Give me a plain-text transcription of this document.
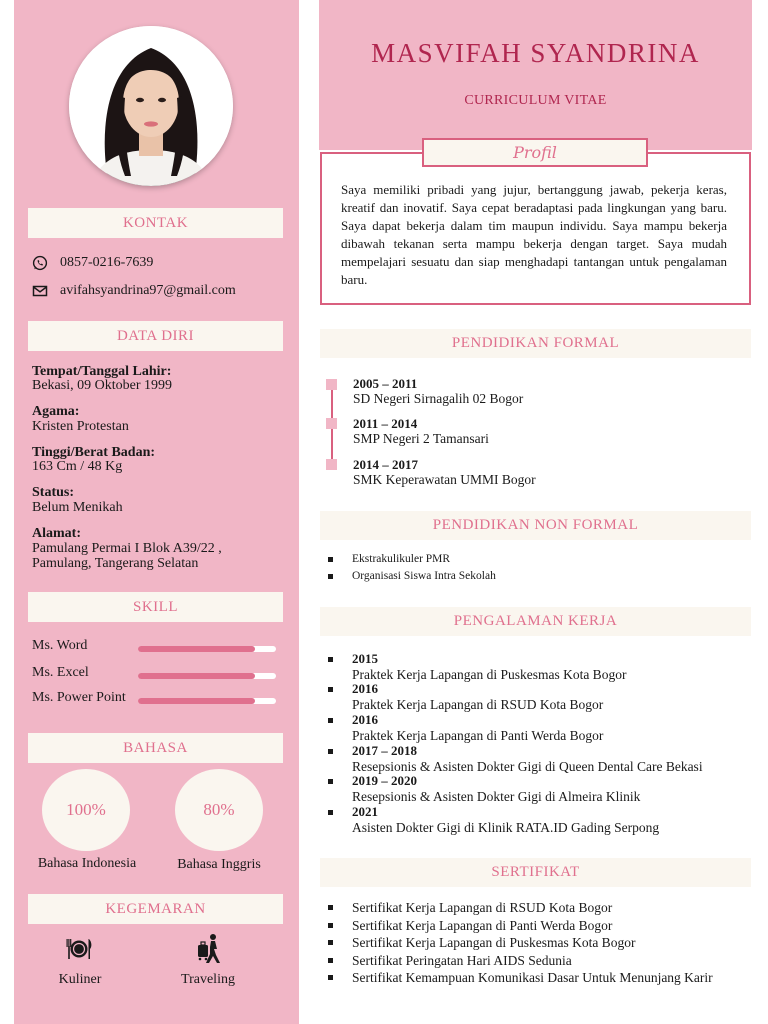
KONTAK
0857-0216-7639
avifahsyandrina97@gmail.com
DATA DIRI
Tempat/Tanggal Lahir:
Bekasi, 09 Oktober 1999
Agama:
Kristen Protestan
Tinggi/Berat Badan:
163 Cm / 48 Kg
Status:
Belum Menikah
Alamat:
Pamulang Permai I Blok A39/22 ,
Pamulang, Tangerang Selatan
SKILL
Ms. Word
Ms. Excel
Ms. Power Point
BAHASA
100%
Bahasa Indonesia
80%
Bahasa Inggris
KEGEMARAN
Kuliner	Traveling
MASVIFAH SYANDRINA
CURRICULUM VITAE
Profil
Saya memiliki pribadi yang jujur, bertanggung jawab, pekerja keras, kreatif dan inovatif. Saya cepat beradaptasi pada lingkungan yang baru. Saya dapat bekerja dalam tim maupun individu. Saya mampu bekerja dibawah tekanan serta mampu bekerja dengan target. Saya mudah mempelajari sesuatu dan siap menghadapi tantangan untuk pengalaman baru.
PENDIDIKAN FORMAL
2005 – 2011
SD Negeri Sirnagalih 02 Bogor
2011 – 2014
SMP Negeri 2 Tamansari
2014 – 2017
SMK Keperawatan UMMI Bogor
PENDIDIKAN NON FORMAL
Ekstrakulikuler PMR
Organisasi Siswa Intra Sekolah
PENGALAMAN KERJA
2015
Praktek Kerja Lapangan di Puskesmas Kota Bogor
2016
Praktek Kerja Lapangan di RSUD Kota Bogor
2016
Praktek Kerja Lapangan di Panti Werda Bogor
2017 – 2018
Resepsionis & Asisten Dokter Gigi di Queen Dental Care Bekasi
2019 – 2020
Resepsionis & Asisten Dokter Gigi di Almeira Klinik
2021
Asisten Dokter Gigi di Klinik RATA.ID Gading Serpong
SERTIFIKAT
Sertifikat Kerja Lapangan di RSUD Kota Bogor
Sertifikat Kerja Lapangan di Panti Werda Bogor
Sertifikat Kerja Lapangan di Puskesmas Kota Bogor
Sertifikat Peringatan Hari AIDS Sedunia
Sertifikat Kemampuan Komunikasi Dasar Untuk Menunjang Karir
